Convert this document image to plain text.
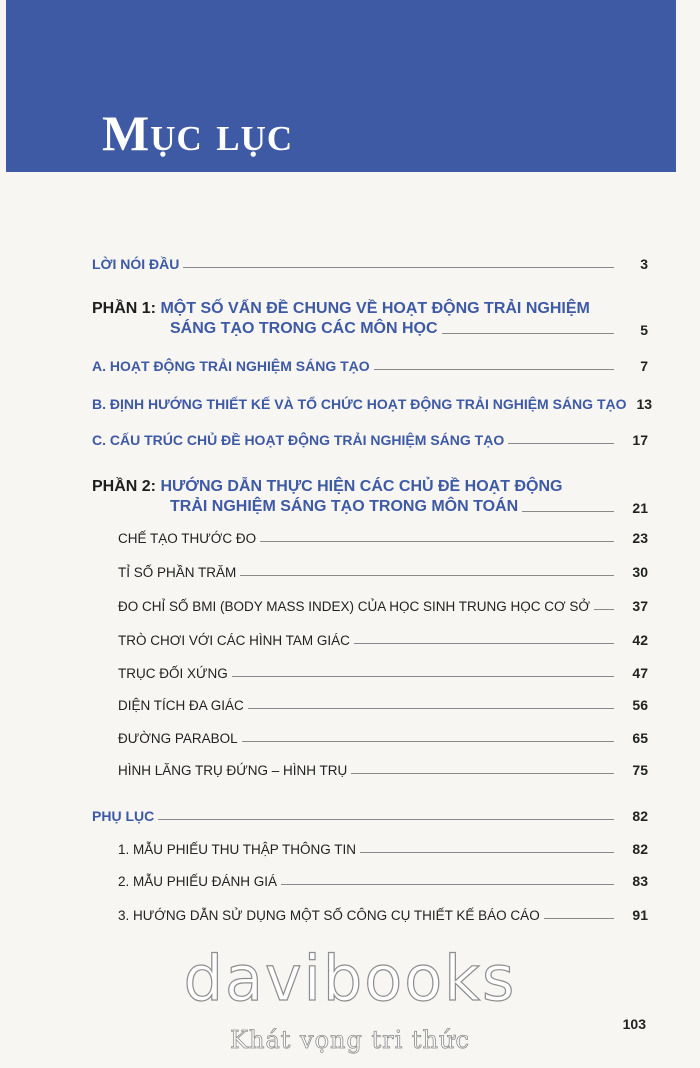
Mục lục
LỜI NÓI ĐẦU	3
PHẦN 1: MỘT SỐ VẤN ĐỀ CHUNG VỀ HOẠT ĐỘNG TRẢI NGHIỆM
SÁNG TẠO TRONG CÁC MÔN HỌC	5
A. HOẠT ĐỘNG TRẢI NGHIỆM SÁNG TẠO	7
B. ĐỊNH HƯỚNG THIẾT KẾ VÀ TỔ CHỨC HOẠT ĐỘNG TRẢI NGHIỆM SÁNG TẠO 13
C. CẤU TRÚC CHỦ ĐỀ HOẠT ĐỘNG TRẢI NGHIỆM SÁNG TẠO	17
PHẦN 2: HƯỚNG DẪN THỰC HIỆN CÁC CHỦ ĐỀ HOẠT ĐỘNG
TRẢI NGHIỆM SÁNG TẠO TRONG MÔN TOÁN	21
CHẾ TẠO THƯỚC ĐO	23
TỈ SỐ PHẦN TRĂM	30
ĐO CHỈ SỐ BMI (BODY MASS INDEX) CỦA HỌC SINH TRUNG HỌC CƠ SỞ	37
TRÒ CHƠI VỚI CÁC HÌNH TAM GIÁC	42
TRỤC ĐỐI XỨNG	47
DIỆN TÍCH ĐA GIÁC	56
ĐƯỜNG PARABOL	65
HÌNH LĂNG TRỤ ĐỨNG – HÌNH TRỤ	75
PHỤ LỤC	82
1. MẪU PHIẾU THU THẬP THÔNG TIN	82
2. MẪU PHIẾU ĐÁNH GIÁ	83
3. HƯỚNG DẪN SỬ DỤNG MỘT SỐ CÔNG CỤ THIẾT KẾ BÁO CÁO	91
davibooks
Khát vọng tri thức
103
